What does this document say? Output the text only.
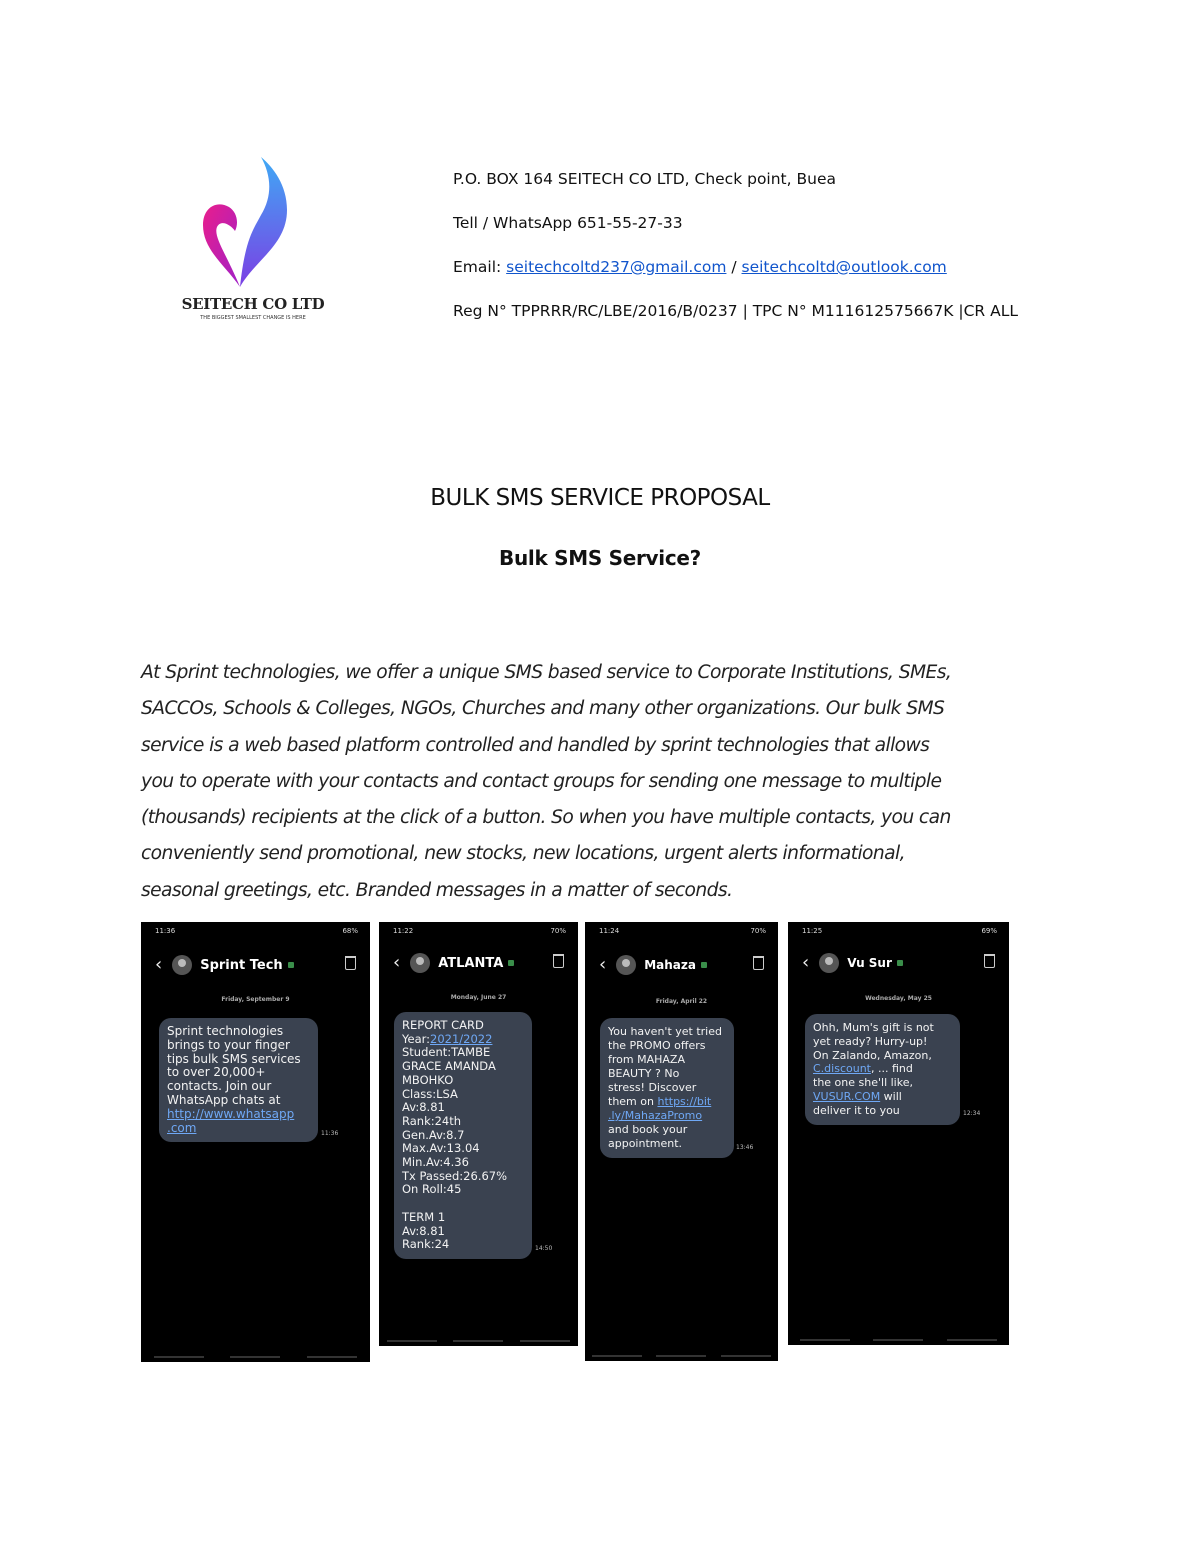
SEITECH CO LTD
THE BIGGEST SMALLEST CHANGE IS HERE
P.O. BOX 164 SEITECH CO LTD, Check point, Buea
Tell / WhatsApp 651-55-27-33
Email: seitechcoltd237@gmail.com / seitechcoltd@outlook.com
Reg N° TPPRRR/RC/LBE/2016/B/0237 | TPC N° M111612575667K |CR ALL
BULK SMS SERVICE PROPOSAL
Bulk SMS Service?
At Sprint technologies, we offer a unique SMS based service to Corporate Institutions, SMEs,
SACCOs, Schools & Colleges, NGOs, Churches and many other organizations. Our bulk SMS
service is a web based platform controlled and handled by sprint technologies that allows
you to operate with your contacts and contact groups for sending one message to multiple
(thousands) recipients at the click of a button. So when you have multiple contacts, you can
conveniently send promotional, new stocks, new locations, urgent alerts informational,
seasonal greetings, etc. Branded messages in a matter of seconds.
11:36	68%
‹	Sprint Tech
Friday, September 9
Sprint technologies
brings to your finger
tips bulk SMS services
to over 20,000+
contacts. Join our
WhatsApp chats at
http://www.whatsapp
.com	11:36
11:22	70%
‹	ATLANTA
Monday, June 27
REPORT CARD
Year:2021/2022
Student:TAMBE
GRACE AMANDA
MBOHKO
Class:LSA
Av:8.81
Rank:24th
Gen.Av:8.7
Max.Av:13.04
Min.Av:4.36
Tx Passed:26.67%
On Roll:45
TERM 1
Av:8.81
Rank:24	14:50
11:24	70%
‹	Mahaza
Friday, April 22
You haven't yet tried
the PROMO offers
from MAHAZA
BEAUTY ? No
stress! Discover
them on https://bit
.ly/MahazaPromo
and book your
appointment.	13:46
11:25	69%
‹	Vu Sur
Wednesday, May 25
Ohh, Mum's gift is not
yet ready? Hurry-up!
On Zalando, Amazon,
C.discount, ... find
the one she'll like,
VUSUR.COM will
deliver it to you	12:34
